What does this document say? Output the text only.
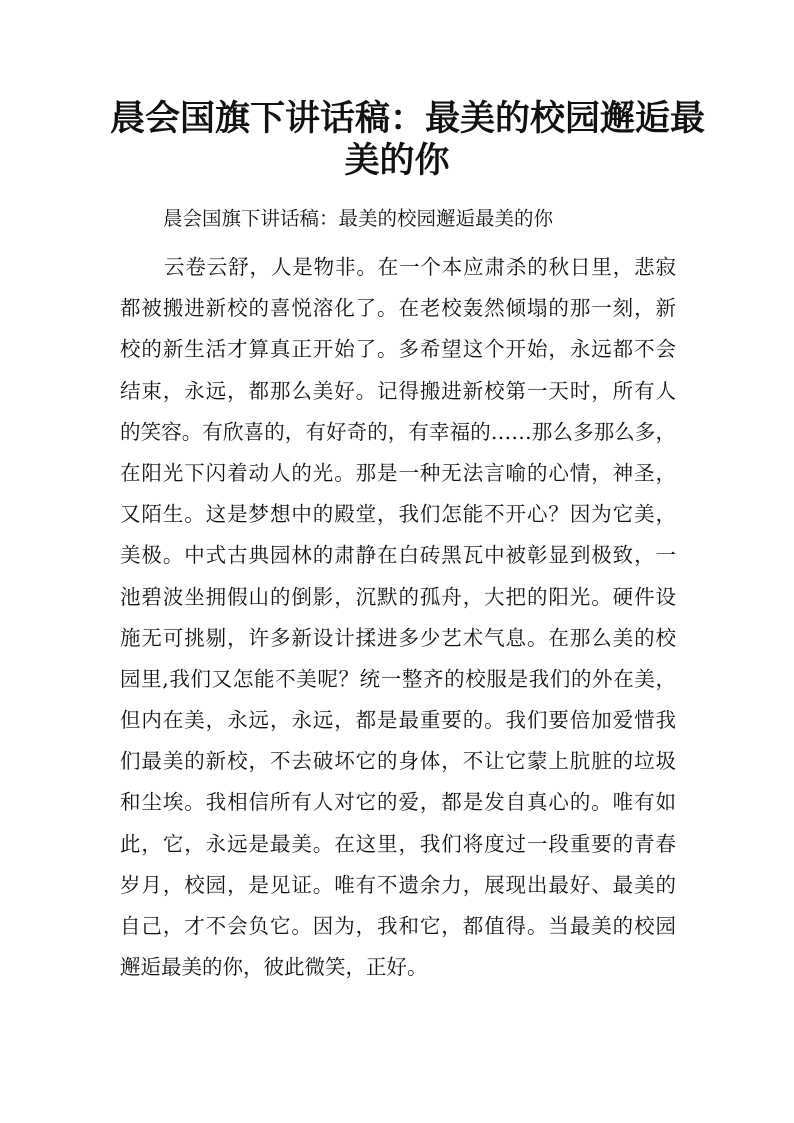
晨会国旗下讲话稿：最美的校园邂逅最
美的你
晨会国旗下讲话稿：最美的校园邂逅最美的你
云卷云舒，人是物非。在一个本应肃杀的秋日里，悲寂
都被搬进新校的喜悦溶化了。在老校轰然倾塌的那一刻，新
校的新生活才算真正开始了。多希望这个开始，永远都不会
结束，永远，都那么美好。记得搬进新校第一天时，所有人
的笑容。有欣喜的，有好奇的，有幸福的……那么多那么多，
在阳光下闪着动人的光。那是一种无法言喻的心情，神圣，
又陌生。这是梦想中的殿堂，我们怎能不开心？因为它美，
美极。中式古典园林的肃静在白砖黑瓦中被彰显到极致，一
池碧波坐拥假山的倒影，沉默的孤舟，大把的阳光。硬件设
施无可挑剔，许多新设计揉进多少艺术气息。在那么美的校
园里,我们又怎能不美呢？统一整齐的校服是我们的外在美，
但内在美，永远，永远，都是最重要的。我们要倍加爱惜我
们最美的新校，不去破坏它的身体，不让它蒙上肮脏的垃圾
和尘埃。我相信所有人对它的爱，都是发自真心的。唯有如
此，它，永远是最美。在这里，我们将度过一段重要的青春
岁月，校园，是见证。唯有不遗余力，展现出最好、最美的
自己，才不会负它。因为，我和它，都值得。当最美的校园
邂逅最美的你，彼此微笑，正好。
